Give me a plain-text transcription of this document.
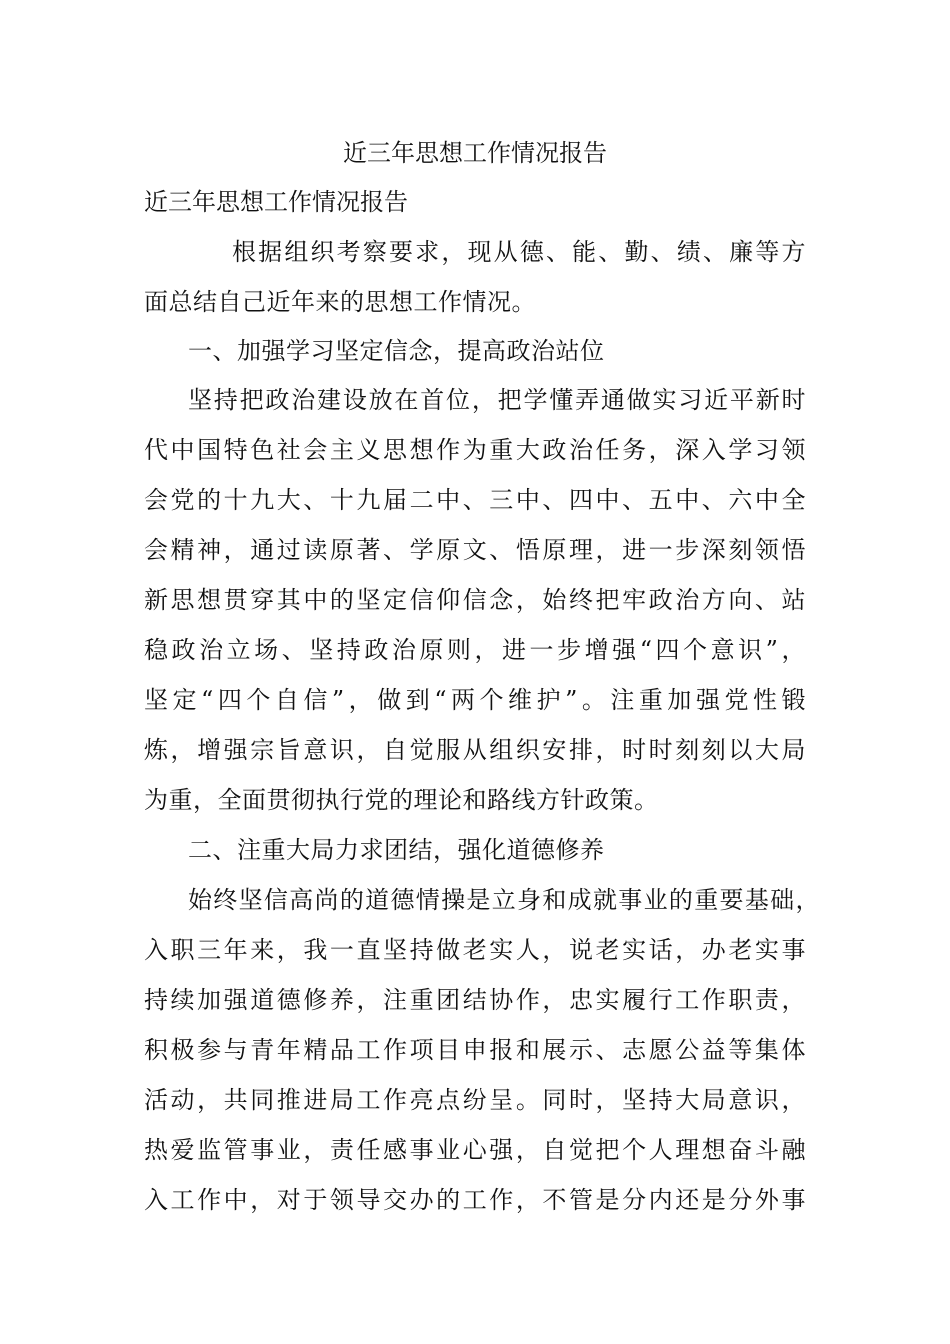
近三年思想工作情况报告
近三年思想工作情况报告
根据组织考察要求，现从德、能、勤、绩、廉等方
面总结自己近年来的思想工作情况。
一、加强学习坚定信念，提高政治站位
坚持把政治建设放在首位，把学懂弄通做实习近平新时
代中国特色社会主义思想作为重大政治任务，深入学习领
会党的十九大、十九届二中、三中、四中、五中、六中全
会精神，通过读原著、学原文、悟原理，进一步深刻领悟
新思想贯穿其中的坚定信仰信念，始终把牢政治方向、站
稳政治立场、坚持政治原则，进一步增强“四个意识”，
坚定“四个自信”，做到“两个维护”。注重加强党性锻
炼，增强宗旨意识，自觉服从组织安排，时时刻刻以大局
为重，全面贯彻执行党的理论和路线方针政策。
二、注重大局力求团结，强化道德修养
始终坚信高尚的道德情操是立身和成就事业的重要基础，
入职三年来，我一直坚持做老实人，说老实话，办老实事
持续加强道德修养，注重团结协作，忠实履行工作职责，
积极参与青年精品工作项目申报和展示、志愿公益等集体
活动，共同推进局工作亮点纷呈。同时，坚持大局意识，
热爱监管事业，责任感事业心强，自觉把个人理想奋斗融
入工作中，对于领导交办的工作，不管是分内还是分外事
